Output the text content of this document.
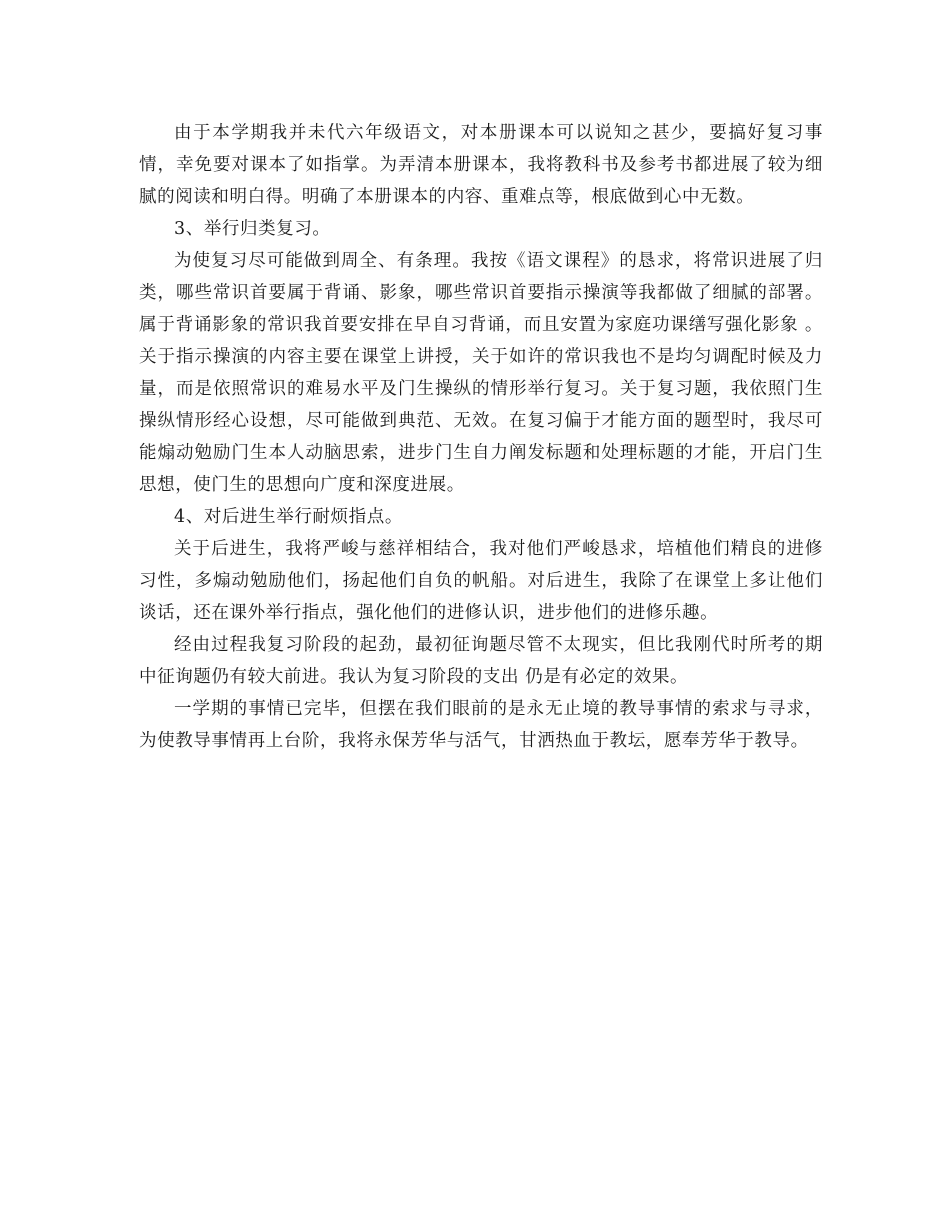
由于本学期我并未代六年级语文，对本册课本可以说知之甚少，要搞好复习事情，幸免要对课本了如指掌。为弄清本册课本，我将教科书及参考书都进展了较为细腻的阅读和明白得。明确了本册课本的内容、重难点等，根底做到心中无数。

3、举行归类复习。

为使复习尽可能做到周全、有条理。我按《语文课程》的恳求，将常识进展了归类，哪些常识首要属于背诵、影象，哪些常识首要指示操演等我都做了细腻的部署。属于背诵影象的常识我首要安排在早自习背诵，而且安置为家庭功课缮写强化影象 。关于指示操演的内容主要在课堂上讲授，关于如许的常识我也不是均匀调配时候及力量，而是依照常识的难易水平及门生操纵的情形举行复习。关于复习题，我依照门生操纵情形经心设想，尽可能做到典范、无效。在复习偏于才能方面的题型时，我尽可能煽动勉励门生本人动脑思索，进步门生自力阐发标题和处理标题的才能，开启门生思想，使门生的思想向广度和深度进展。

4、对后进生举行耐烦指点。

关于后进生，我将严峻与慈祥相结合，我对他们严峻恳求，培植他们精良的进修习性，多煽动勉励他们，扬起他们自负的帆船。对后进生，我除了在课堂上多让他们谈话，还在课外举行指点，强化他们的进修认识，进步他们的进修乐趣。

经由过程我复习阶段的起劲，最初征询题尽管不太现实，但比我刚代时所考的期中征询题仍有较大前进。我认为复习阶段的支出 仍是有必定的效果。

一学期的事情已完毕，但摆在我们眼前的是永无止境的教导事情的索求与寻求，为使教导事情再上台阶，我将永保芳华与活气，甘洒热血于教坛，愿奉芳华于教导。
